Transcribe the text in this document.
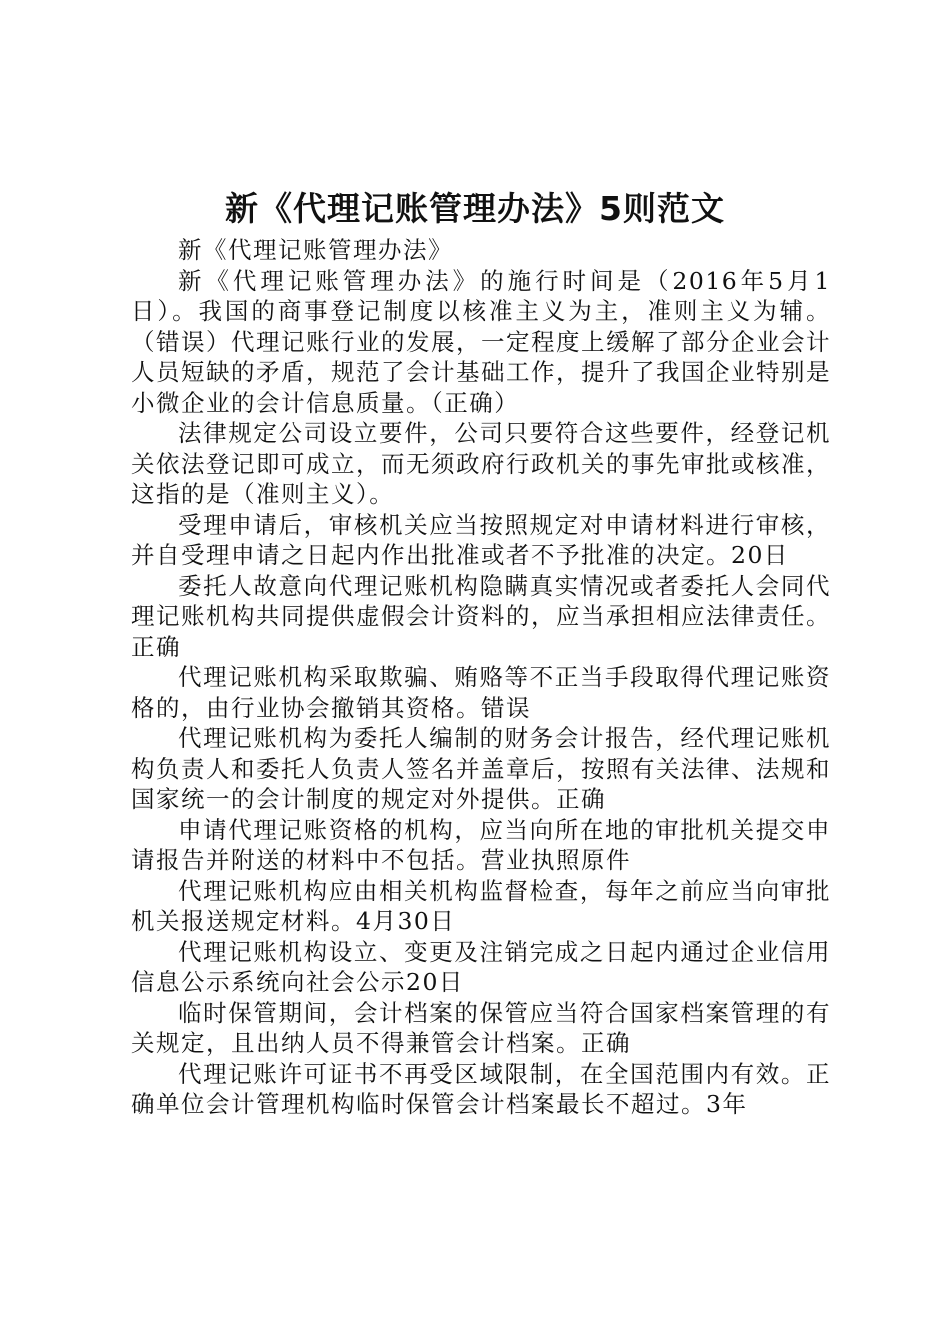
新《代理记账管理办法》5则范文

新《代理记账管理办法》

新《代理记账管理办法》的施行时间是（2016年5月1日）。我国的商事登记制度以核准主义为主，准则主义为辅。（错误）代理记账行业的发展，一定程度上缓解了部分企业会计人员短缺的矛盾，规范了会计基础工作，提升了我国企业特别是小微企业的会计信息质量。（正确）

法律规定公司设立要件，公司只要符合这些要件，经登记机关依法登记即可成立，而无须政府行政机关的事先审批或核准，这指的是（准则主义）。

受理申请后，审核机关应当按照规定对申请材料进行审核，并自受理申请之日起内作出批准或者不予批准的决定。20日

委托人故意向代理记账机构隐瞒真实情况或者委托人会同代理记账机构共同提供虚假会计资料的，应当承担相应法律责任。正确

代理记账机构采取欺骗、贿赂等不正当手段取得代理记账资格的，由行业协会撤销其资格。错误

代理记账机构为委托人编制的财务会计报告，经代理记账机构负责人和委托人负责人签名并盖章后，按照有关法律、法规和国家统一的会计制度的规定对外提供。正确

申请代理记账资格的机构，应当向所在地的审批机关提交申请报告并附送的材料中不包括。营业执照原件

代理记账机构应由相关机构监督检查，每年之前应当向审批机关报送规定材料。4月30日

代理记账机构设立、变更及注销完成之日起内通过企业信用信息公示系统向社会公示20日

临时保管期间，会计档案的保管应当符合国家档案管理的有关规定，且出纳人员不得兼管会计档案。正确

代理记账许可证书不再受区域限制，在全国范围内有效。正确单位会计管理机构临时保管会计档案最长不超过。3年
